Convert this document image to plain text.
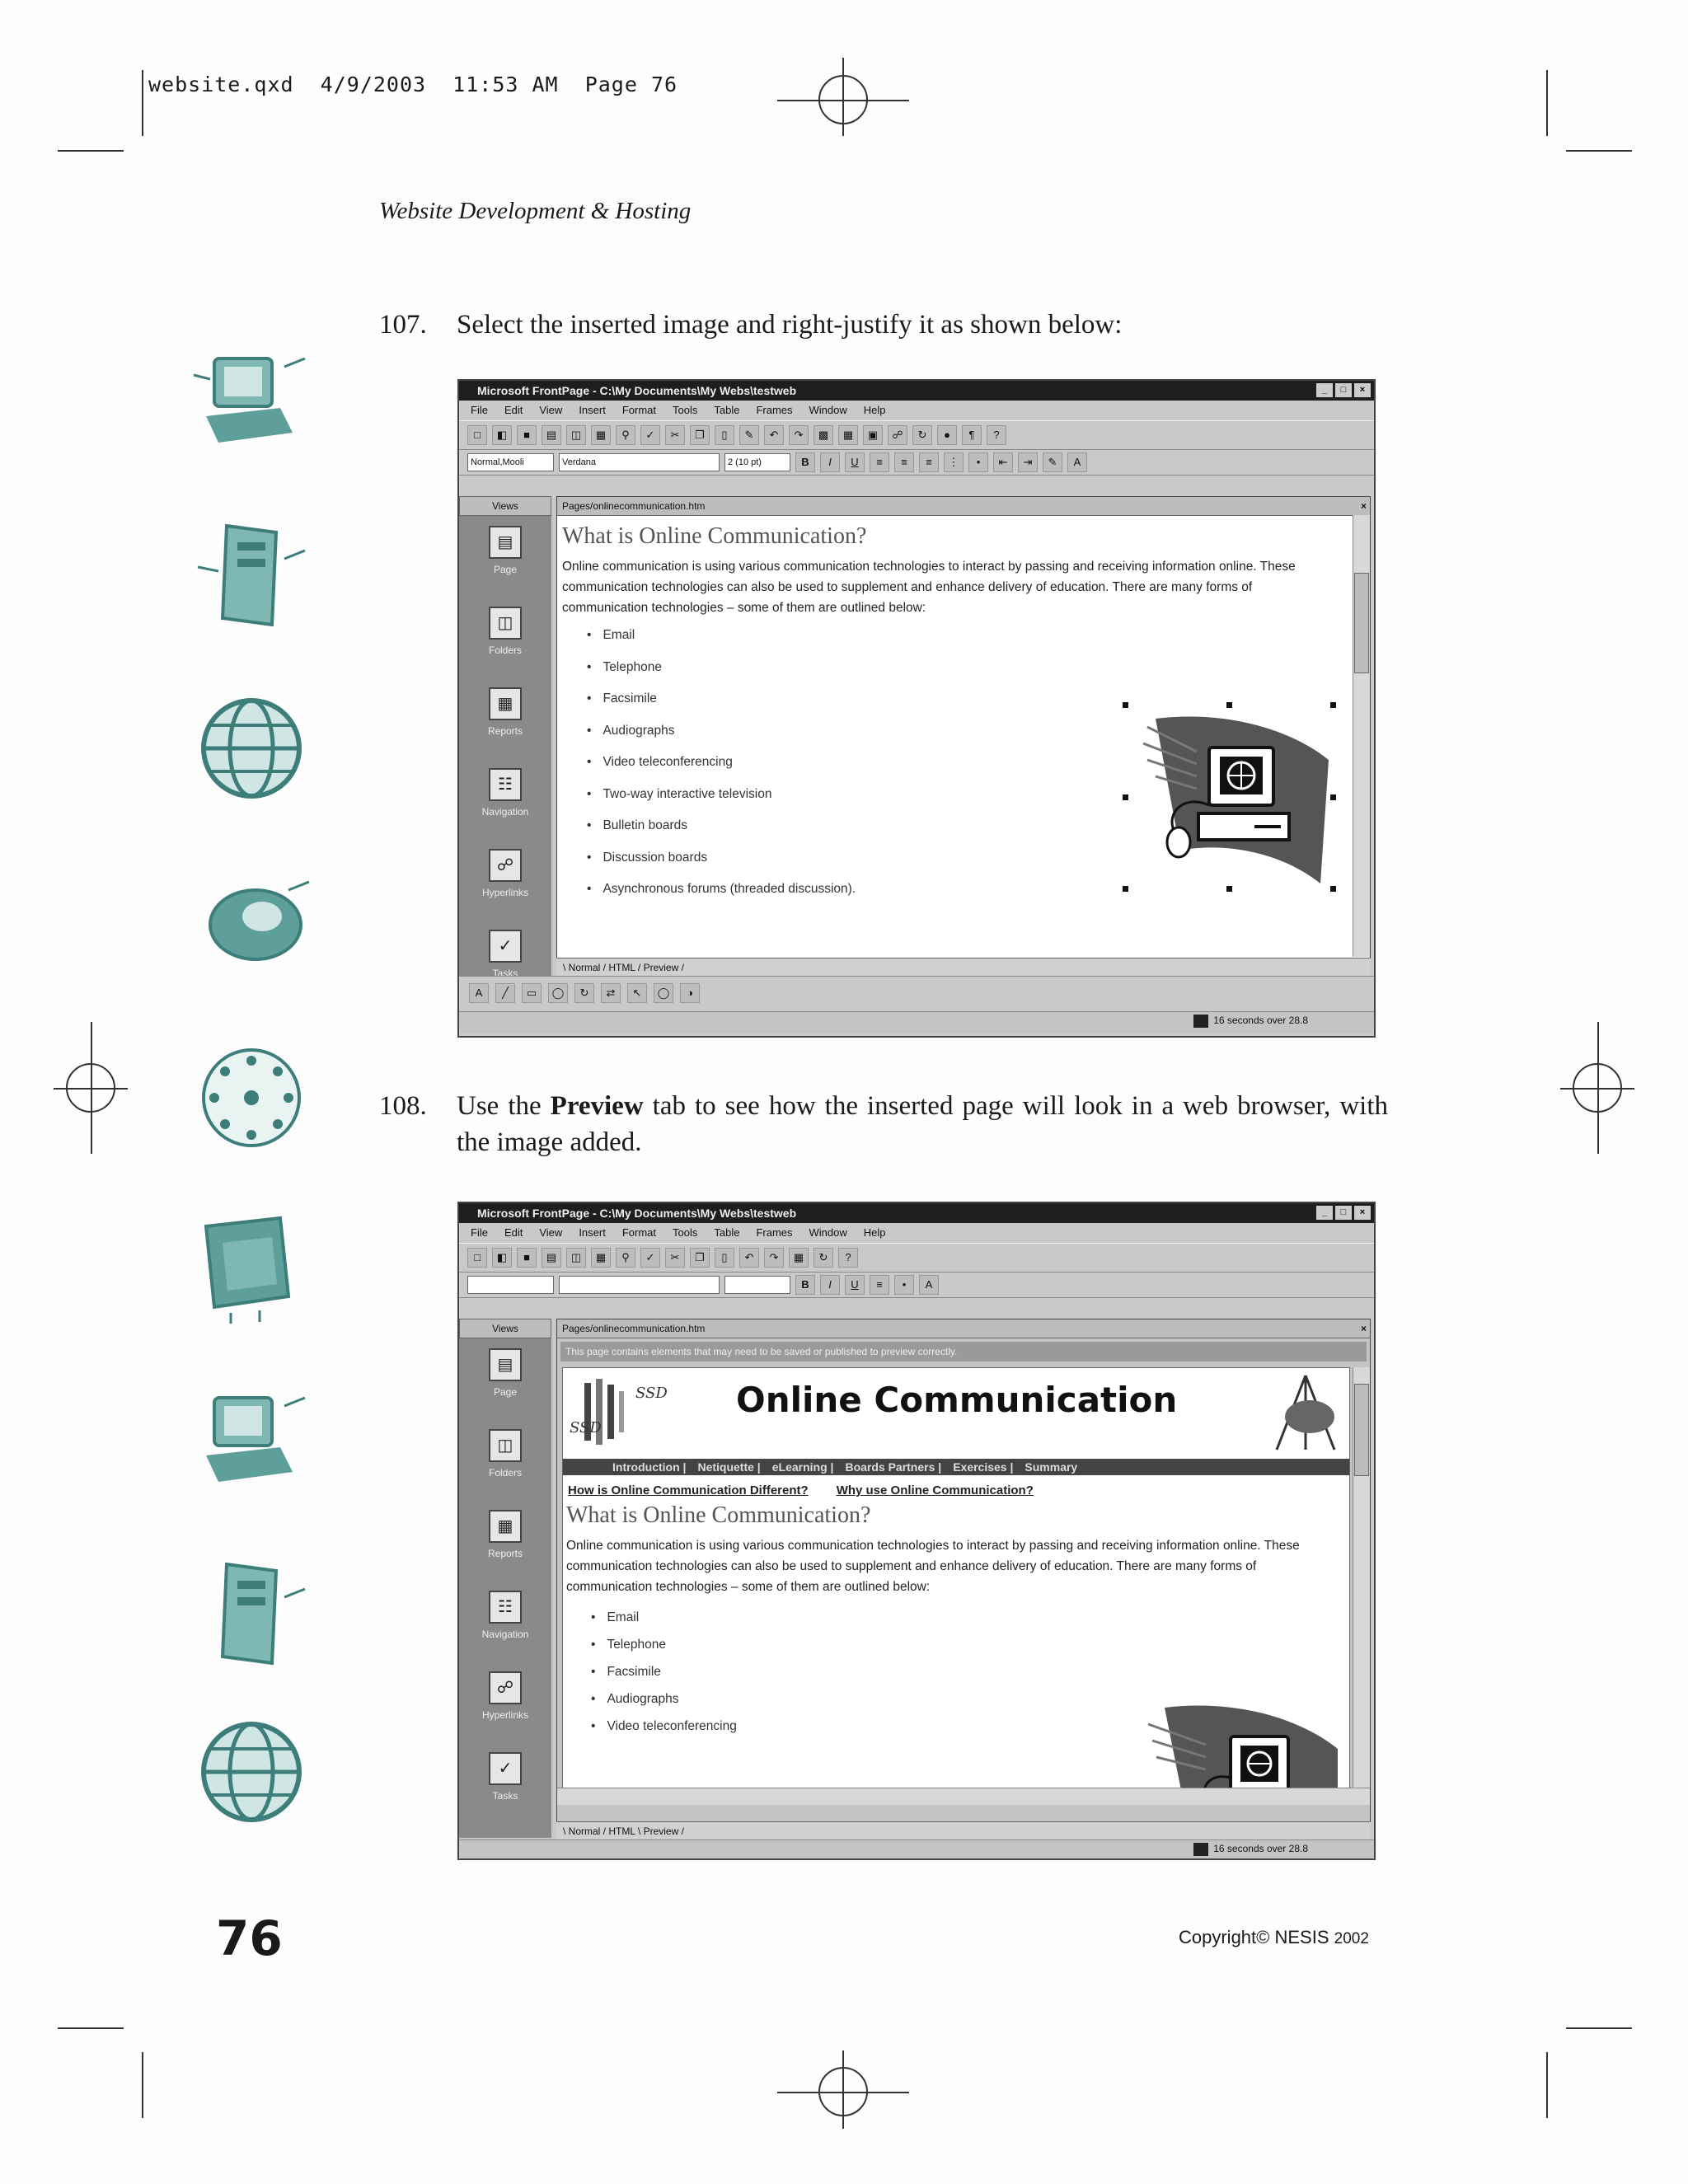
website.qxd  4/9/2003  11:53 AM  Page 76
Website Development & Hosting
107. Select the inserted image and right-justify it as shown below:
Microsoft FrontPage - C:\My Documents\My Webs\testweb	_	□	×
File Edit View Insert Format Tools Table Frames Window Help
□	◧	■	▤	◫	▦	⚲	✓	✂	❐	▯	✎	↶	↷	▩	▦	▣	☍	↻	●	¶	?
Normal,Mooli	Verdana	2 (10 pt)	B	I	U	≡	≡	≡	⋮	•	⇤	⇥	✎	A
Views
▤
Page
◫
Folders
▦
Reports
☷
Navigation
☍
Hyperlinks
✓
Tasks
Pages/onlinecommunication.htm	×
What is Online Communication?
Online communication is using various communication technologies to interact by passing and receiving information online. These communication technologies can also be used to supplement and enhance delivery of education. There are many forms of communication technologies – some of them are outlined below:
• Email
• Telephone
• Facsimile
• Audiographs
• Video teleconferencing
• Two-way interactive television
• Bulletin boards
• Discussion boards
• Asynchronous forums (threaded discussion).
\ Normal / HTML / Preview /
A	╱	▭	◯	↻	⇄	↖	◯	◑
16 seconds over 28.8
108. Use the Preview tab to see how the inserted page will look in a web browser, with the image added.
Microsoft FrontPage - C:\My Documents\My Webs\testweb	_	□	×
File Edit View Insert Format Tools Table Frames Window Help
□	◧	■	▤	◫	▦	⚲	✓	✂	❐	▯	↶	↷	▦	↻	?
B	I	U	≡	•	A
Views
▤
Page
◫
Folders
▦
Reports
☷
Navigation
☍
Hyperlinks
✓
Tasks
Pages/onlinecommunication.htm	×
This page contains elements that may need to be saved or published to preview correctly.
SSD
SSD Online Communication
Introduction | Netiquette | eLearning | Boards Partners | Exercises | Summary
How is Online Communication Different? Why use Online Communication?
What is Online Communication?
Online communication is using various communication technologies to interact by passing and receiving information online. These communication technologies can also be used to supplement and enhance delivery of education. There are many forms of communication technologies – some of them are outlined below:
• Email
• Telephone
• Facsimile
• Audiographs
• Video teleconferencing
\ Normal / HTML \ Preview /
16 seconds over 28.8
76	Copyright© NESIS 2002
